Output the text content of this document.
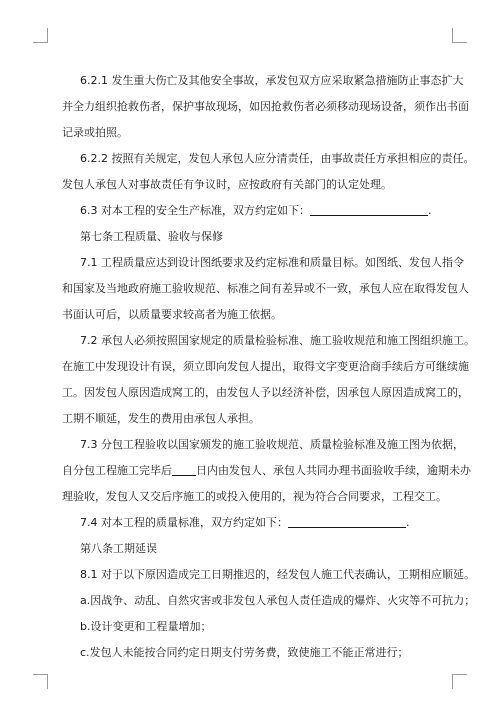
6.2.1 发生重大伤亡及其他安全事故，承发包双方应采取紧急措施防止事态扩大
并全力组织抢救伤者，保护事故现场，如因抢救伤者必须移动现场设备，须作出书面
记录或拍照。
6.2.2 按照有关规定，发包人承包人应分清责任，由事故责任方承担相应的责任。
发包人承包人对事故责任有争议时，应按政府有关部门的认定处理。
6.3 对本工程的安全生产标准，双方约定如下：	.
第七条工程质量、验收与保修
7.1 工程质量应达到设计图纸要求及约定标准和质量目标。如图纸、发包人指令
和国家及当地政府施工验收规范、标准之间有差异或不一致，承包人应在取得发包人
书面认可后，以质量要求较高者为施工依据。
7.2 承包人必须按照国家规定的质量检验标准、施工验收规范和施工图组织施工。
在施工中发现设计有误，须立即向发包人提出，取得文字变更洽商手续后方可继续施
工。因发包人原因造成窝工的，由发包人予以经济补偿，因承包人原因造成窝工的，
工期不顺延，发生的费用由承包人承担。
7.3 分包工程验收以国家颁发的施工验收规范、质量检验标准及施工图为依据，
自分包工程施工完毕后 日内由发包人、承包人共同办理书面验收手续，逾期未办
理验收，发包人又交后序施工的或投入使用的，视为符合合同要求，工程交工。
7.4 对本工程的质量标准，双方约定如下：	.
第八条工期延误
8.1 对于以下原因造成完工日期推迟的，经发包人施工代表确认，工期相应顺延。
a.因战争、动乱、自然灾害或非发包人承包人责任造成的爆炸、火灾等不可抗力；
b.设计变更和工程量增加；
c.发包人未能按合同约定日期支付劳务费，致使施工不能正常进行；
